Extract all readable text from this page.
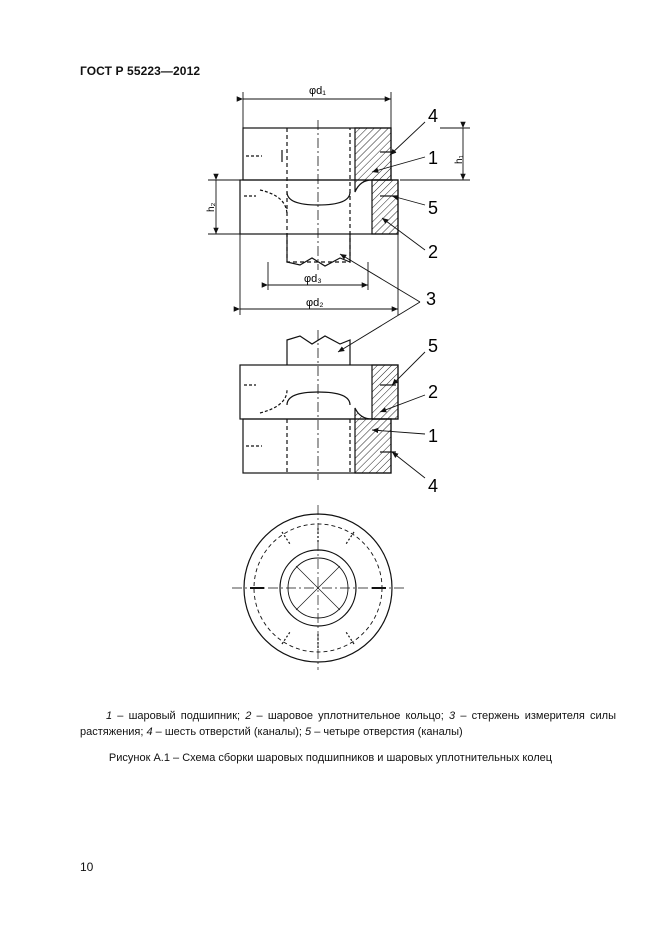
ГОСТ Р 55223—2012
φd₁
h₁
h₂
φd₃
φd₂
4
1
5
2
3
5
2
1
4
1 – шаровый подшипник; 2 – шаровое уплотнительное кольцо; 3 – стержень измерителя силы растяжения; 4 – шесть отверстий (каналы); 5 – четыре отверстия (каналы)
Рисунок А.1 – Схема сборки шаровых подшипников и шаровых уплотнительных колец
10
